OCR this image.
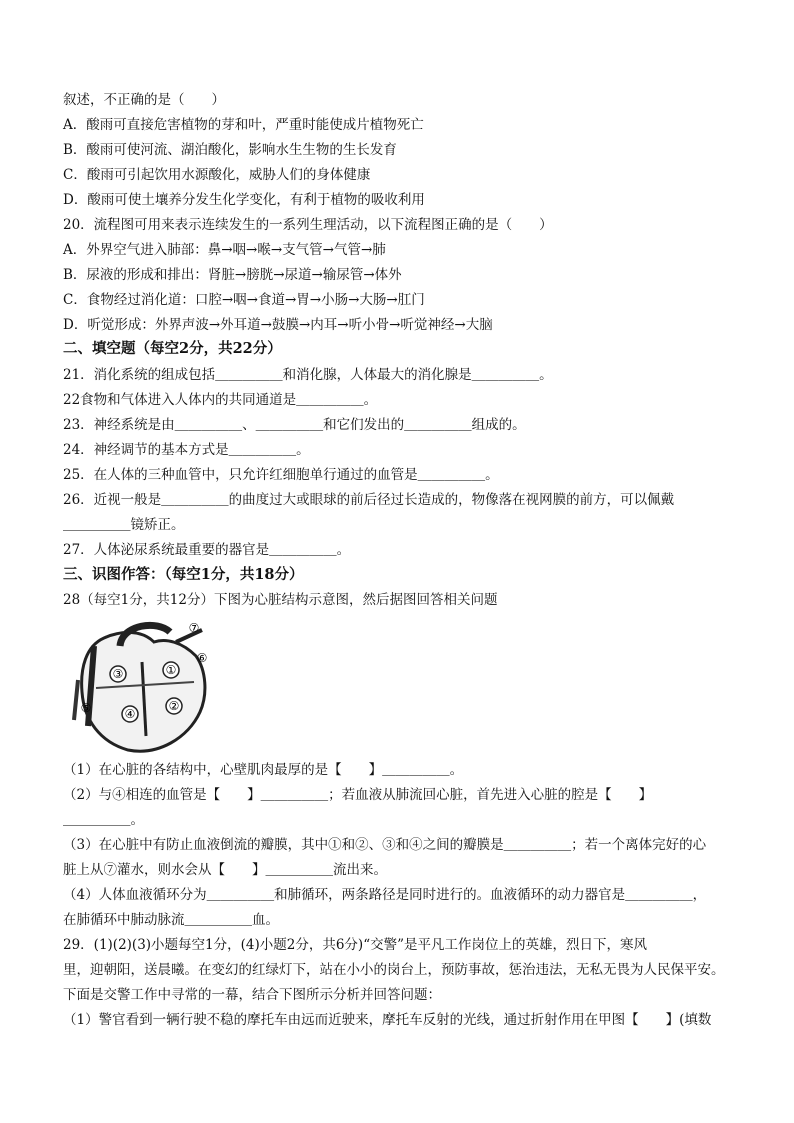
叙述，不正确的是（　　）
A．酸雨可直接危害植物的芽和叶，严重时能使成片植物死亡
B．酸雨可使河流、湖泊酸化，影响水生生物的生长发育
C．酸雨可引起饮用水源酸化，威胁人们的身体健康
D．酸雨可使土壤养分发生化学变化，有利于植物的吸收利用
20．流程图可用来表示连续发生的一系列生理活动，以下流程图正确的是（　　）
A．外界空气进入肺部：鼻→咽→喉→支气管→气管→肺
B．尿液的形成和排出：肾脏→膀胱→尿道→输尿管→体外
C．食物经过消化道：口腔→咽→食道→胃→小肠→大肠→肛门
D．听觉形成：外界声波→外耳道→鼓膜→内耳→听小骨→听觉神经→大脑
二、填空题（每空2分，共22分）
21．消化系统的组成包括＿＿＿＿＿和消化腺，人体最大的消化腺是＿＿＿＿＿。
22食物和气体进入人体内的共同通道是＿＿＿＿＿。
23．神经系统是由＿＿＿＿＿、＿＿＿＿＿和它们发出的＿＿＿＿＿组成的。
24．神经调节的基本方式是＿＿＿＿＿。
25．在人体的三种血管中，只允许红细胞单行通过的血管是＿＿＿＿＿。
26．近视一般是＿＿＿＿＿的曲度过大或眼球的前后径过长造成的，物像落在视网膜的前方，可以佩戴
＿＿＿＿＿镜矫正。
27．人体泌尿系统最重要的器官是＿＿＿＿＿。
三、识图作答：（每空1分，共18分）
28（每空1分，共12分）下图为心脏结构示意图，然后据图回答相关问题
③	①
④
②
⑤
⑥
⑦
（1）在心脏的各结构中，心壁肌肉最厚的是【　　】＿＿＿＿＿。
（2）与④相连的血管是【　　】＿＿＿＿＿；若血液从肺流回心脏，首先进入心脏的腔是【　　】
＿＿＿＿＿。
（3）在心脏中有防止血液倒流的瓣膜，其中①和②、③和④之间的瓣膜是＿＿＿＿＿；若一个离体完好的心
脏上从⑦灌水，则水会从【　　】＿＿＿＿＿流出来。
（4）人体血液循环分为＿＿＿＿＿和肺循环，两条路径是同时进行的。血液循环的动力器官是＿＿＿＿＿，
在肺循环中肺动脉流＿＿＿＿＿血。
29．(1)(2)(3)小题每空1分，(4)小题2分，共6分)“交警”是平凡工作岗位上的英雄，烈日下，寒风
里，迎朝阳，送晨曦。在变幻的红绿灯下，站在小小的岗台上，预防事故，惩治违法，无私无畏为人民保平安。
下面是交警工作中寻常的一幕，结合下图所示分析并回答问题：
（1）警官看到一辆行驶不稳的摩托车由远而近驶来，摩托车反射的光线，通过折射作用在甲图【　　】(填数
